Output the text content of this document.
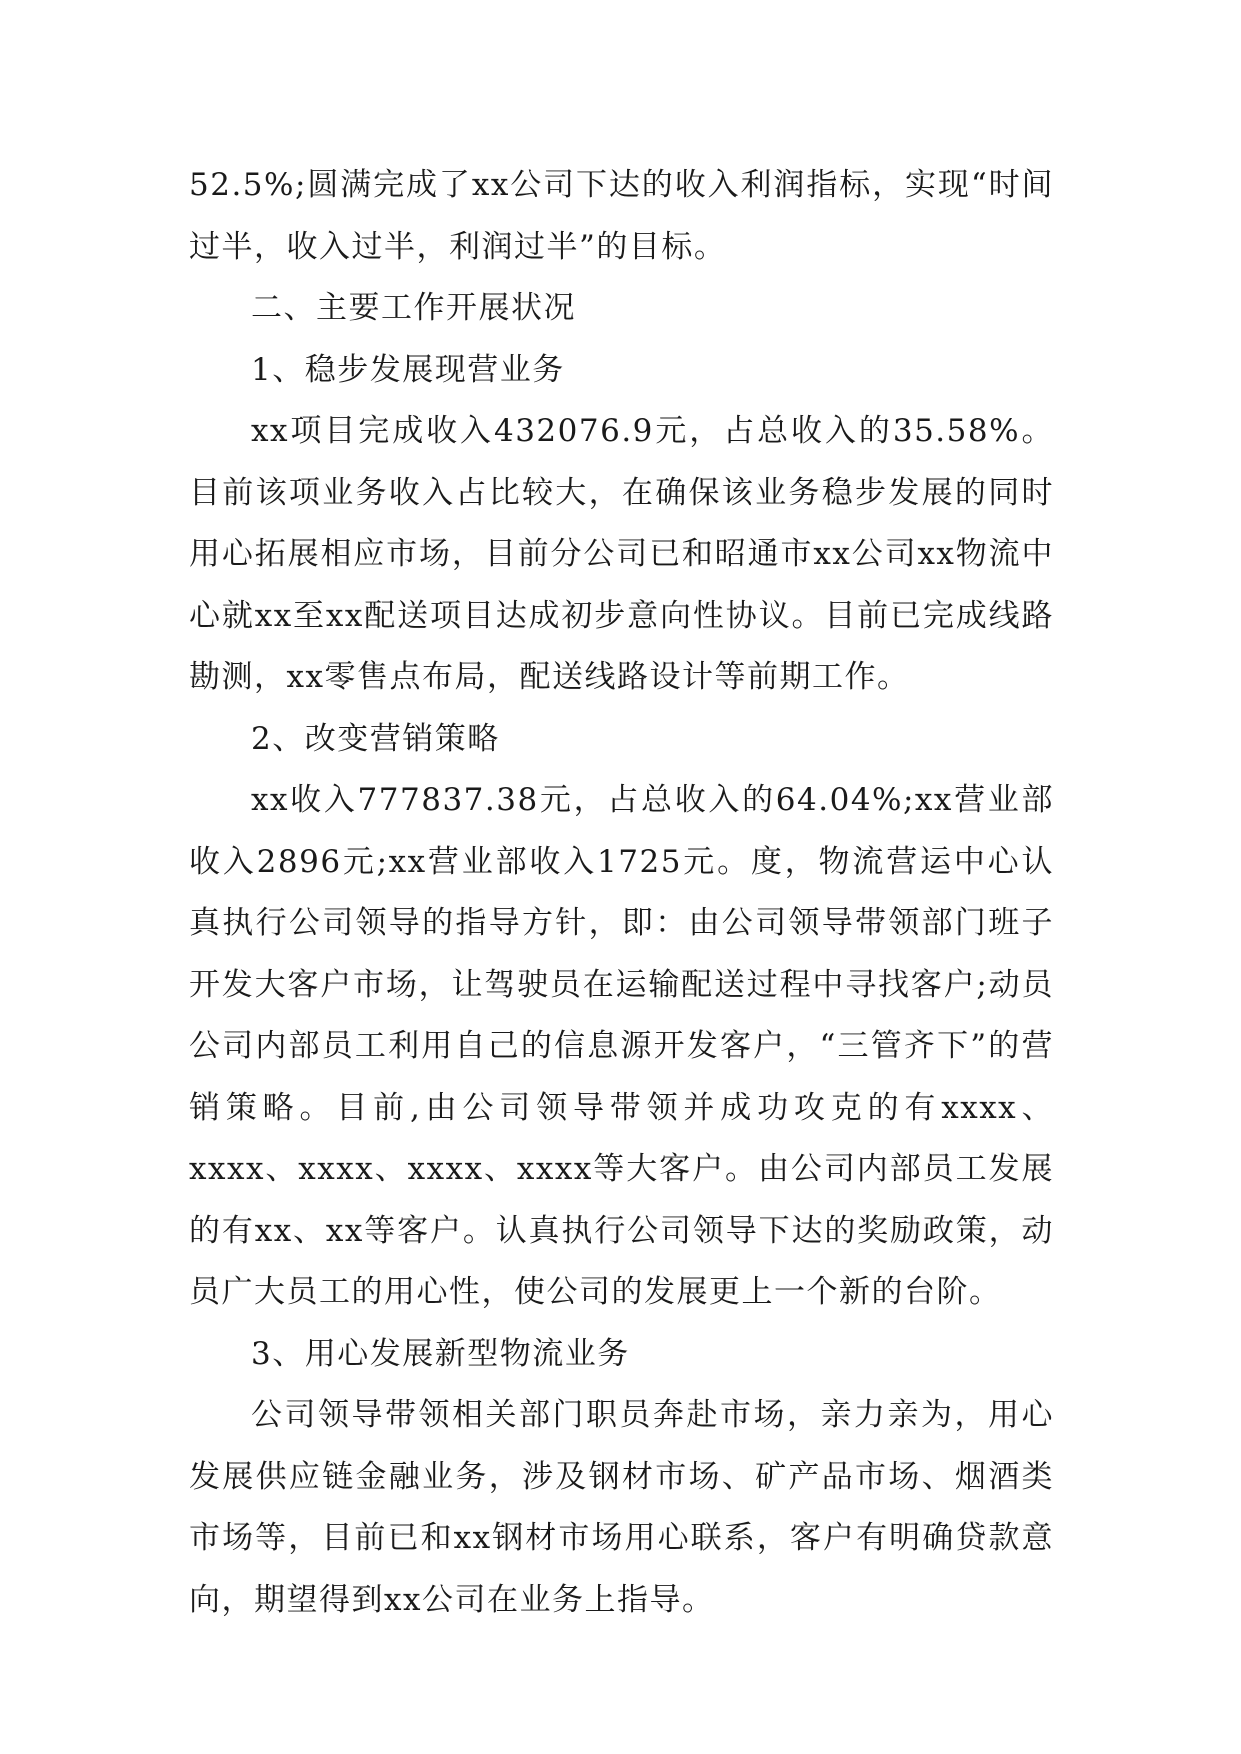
52.5%;圆满完成了xx公司下达的收入利润指标，实现“时间过半，收入过半，利润过半”的目标。

二、主要工作开展状况

1、稳步发展现营业务

xx项目完成收入432076.9元，占总收入的35.58%。目前该项业务收入占比较大，在确保该业务稳步发展的同时用心拓展相应市场，目前分公司已和昭通市xx公司xx物流中心就xx至xx配送项目达成初步意向性协议。目前已完成线路勘测，xx零售点布局，配送线路设计等前期工作。

2、改变营销策略

xx收入777837.38元，占总收入的64.04%;xx营业部收入2896元;xx营业部收入1725元。度，物流营运中心认真执行公司领导的指导方针，即：由公司领导带领部门班子开发大客户市场，让驾驶员在运输配送过程中寻找客户;动员公司内部员工利用自己的信息源开发客户，“三管齐下”的营销策略。目前,由公司领导带领并成功攻克的有xxxx、xxxx、xxxx、xxxx、xxxx等大客户。由公司内部员工发展的有xx、xx等客户。认真执行公司领导下达的奖励政策，动员广大员工的用心性，使公司的发展更上一个新的台阶。

3、用心发展新型物流业务

公司领导带领相关部门职员奔赴市场，亲力亲为，用心发展供应链金融业务，涉及钢材市场、矿产品市场、烟酒类市场等，目前已和xx钢材市场用心联系，客户有明确贷款意向，期望得到xx公司在业务上指导。
